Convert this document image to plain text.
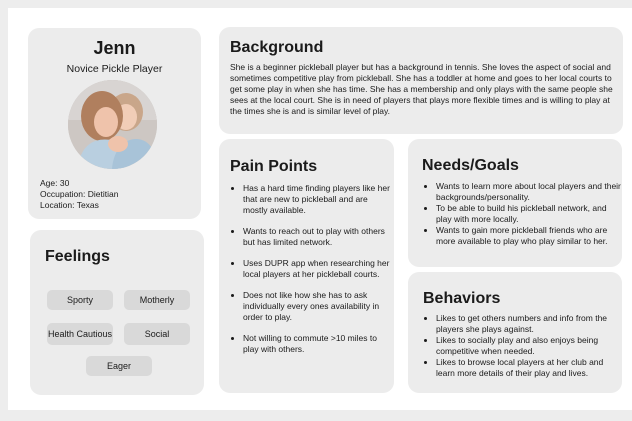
Jenn
Novice Pickle Player
Age: 30
Occupation: Dietitian
Location: Texas
Feelings
Sporty	Motherly
Health Cautious	Social
Eager
Background
She is a beginner pickleball player but has a background in tennis. She loves the aspect of social and sometimes competitive play from pickleball. She has a toddler at home and goes to her local courts to get some play in when she has time. She has a membership and only plays with the same people she sees at the local court. She is in need of players that plays more flexible times and is willing to play at the times she is and is similar level of play.
Pain Points
• Has a hard time finding players like her that are new to pickleball and are mostly available.
• Wants to reach out to play with others but has limited network.
• Uses DUPR app when researching her local players at her pickleball courts.
• Does not like how she has to ask individually every ones availability in order to play.
• Not willing to commute >10 miles to play with others.
Needs/Goals
• Wants to learn more about local players and their backgrounds/personality.
• To be able to build his pickleball network, and play with more locally.
• Wants to gain more pickleball friends who are more available to play who play similar to her.
Behaviors
• Likes to get others numbers and info from the players she plays against.
• Likes to socially play and also enjoys being competitive when needed.
• Likes to browse local players at her club and learn more details of their play and lives.
